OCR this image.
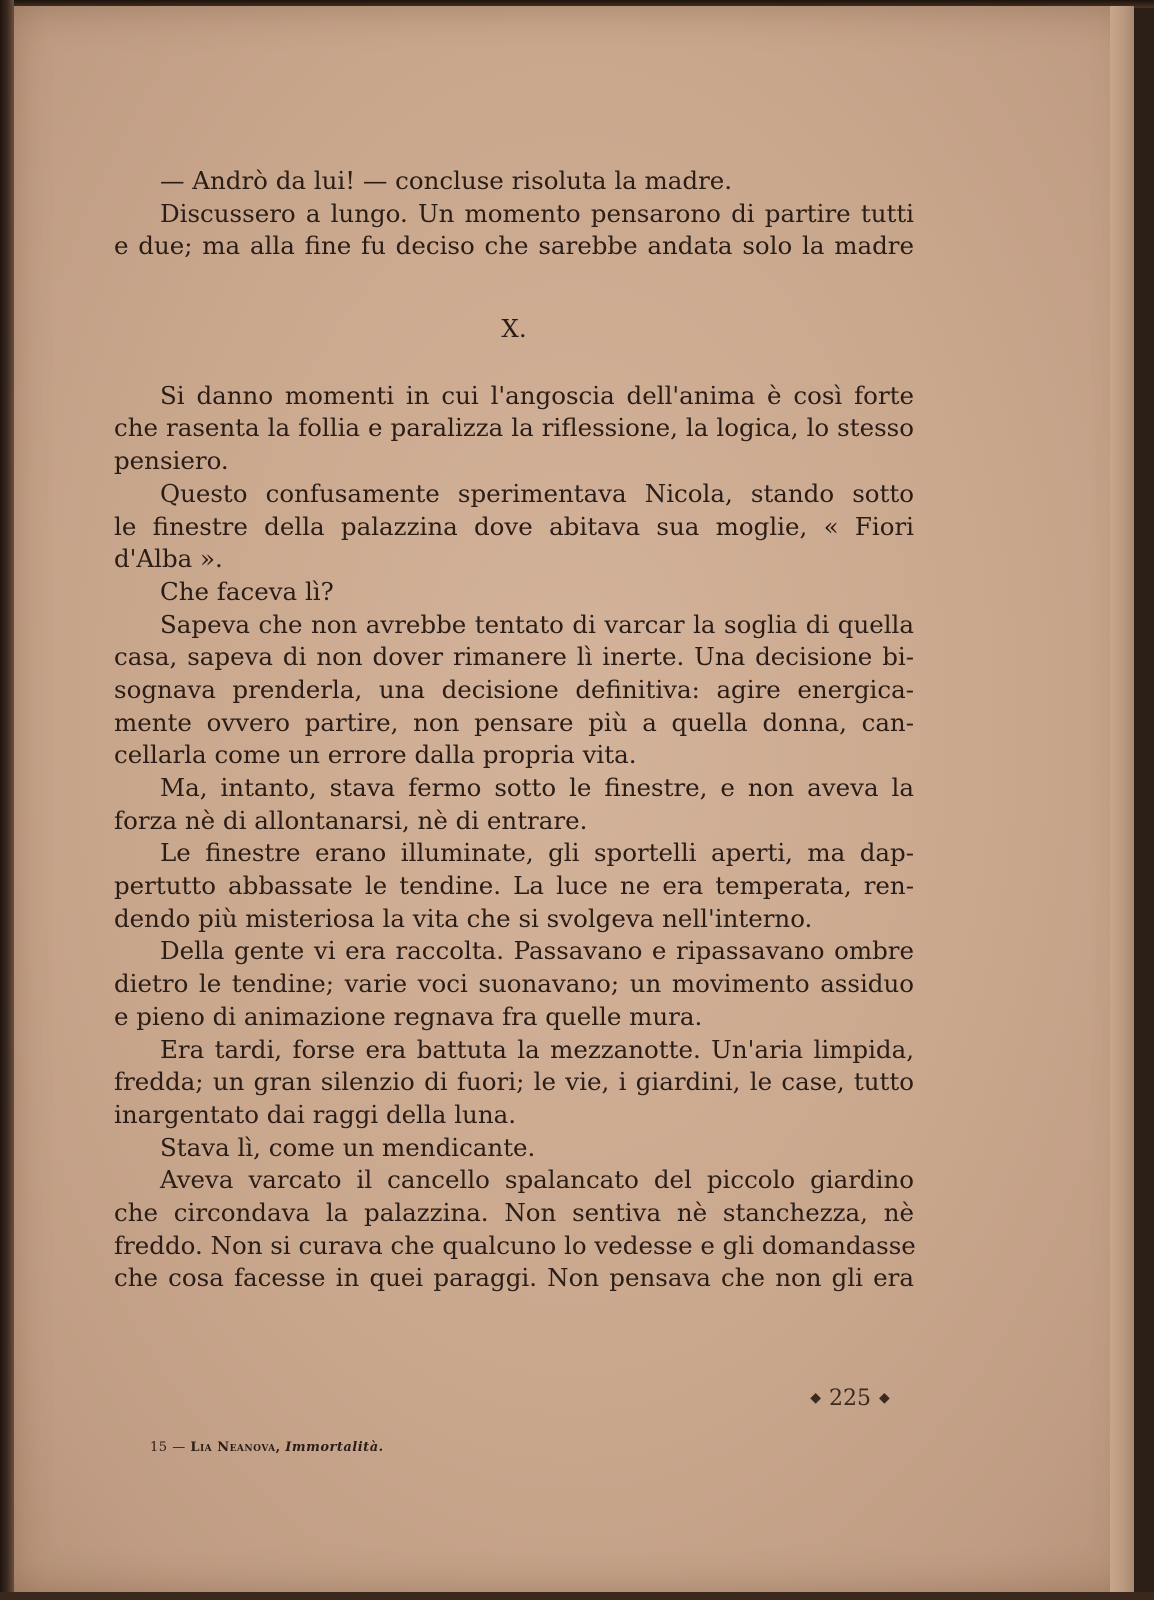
— Andrò da lui! — concluse risoluta la madre.
Discussero a lungo. Un momento pensarono di partire tutti
e due; ma alla fine fu deciso che sarebbe andata solo la madre
X.
Si danno momenti in cui l'angoscia dell'anima è così forte
che rasenta la follia e paralizza la riflessione, la logica, lo stesso
pensiero.
Questo confusamente sperimentava Nicola, stando sotto
le finestre della palazzina dove abitava sua moglie, « Fiori
d'Alba ».
Che faceva lì?
Sapeva che non avrebbe tentato di varcar la soglia di quella
casa, sapeva di non dover rimanere lì inerte. Una decisione bi-
sognava prenderla, una decisione definitiva: agire energica-
mente ovvero partire, non pensare più a quella donna, can-
cellarla come un errore dalla propria vita.
Ma, intanto, stava fermo sotto le finestre, e non aveva la
forza nè di allontanarsi, nè di entrare.
Le finestre erano illuminate, gli sportelli aperti, ma dap-
pertutto abbassate le tendine. La luce ne era temperata, ren-
dendo più misteriosa la vita che si svolgeva nell'interno.
Della gente vi era raccolta. Passavano e ripassavano ombre
dietro le tendine; varie voci suonavano; un movimento assiduo
e pieno di animazione regnava fra quelle mura.
Era tardi, forse era battuta la mezzanotte. Un'aria limpida,
fredda; un gran silenzio di fuori; le vie, i giardini, le case, tutto
inargentato dai raggi della luna.
Stava lì, come un mendicante.
Aveva varcato il cancello spalancato del piccolo giardino
che circondava la palazzina. Non sentiva nè stanchezza, nè
freddo. Non si curava che qualcuno lo vedesse e gli domandasse
che cosa facesse in quei paraggi. Non pensava che non gli era
◆ 225 ◆
15 — Lia Neanova, Immortalità.
